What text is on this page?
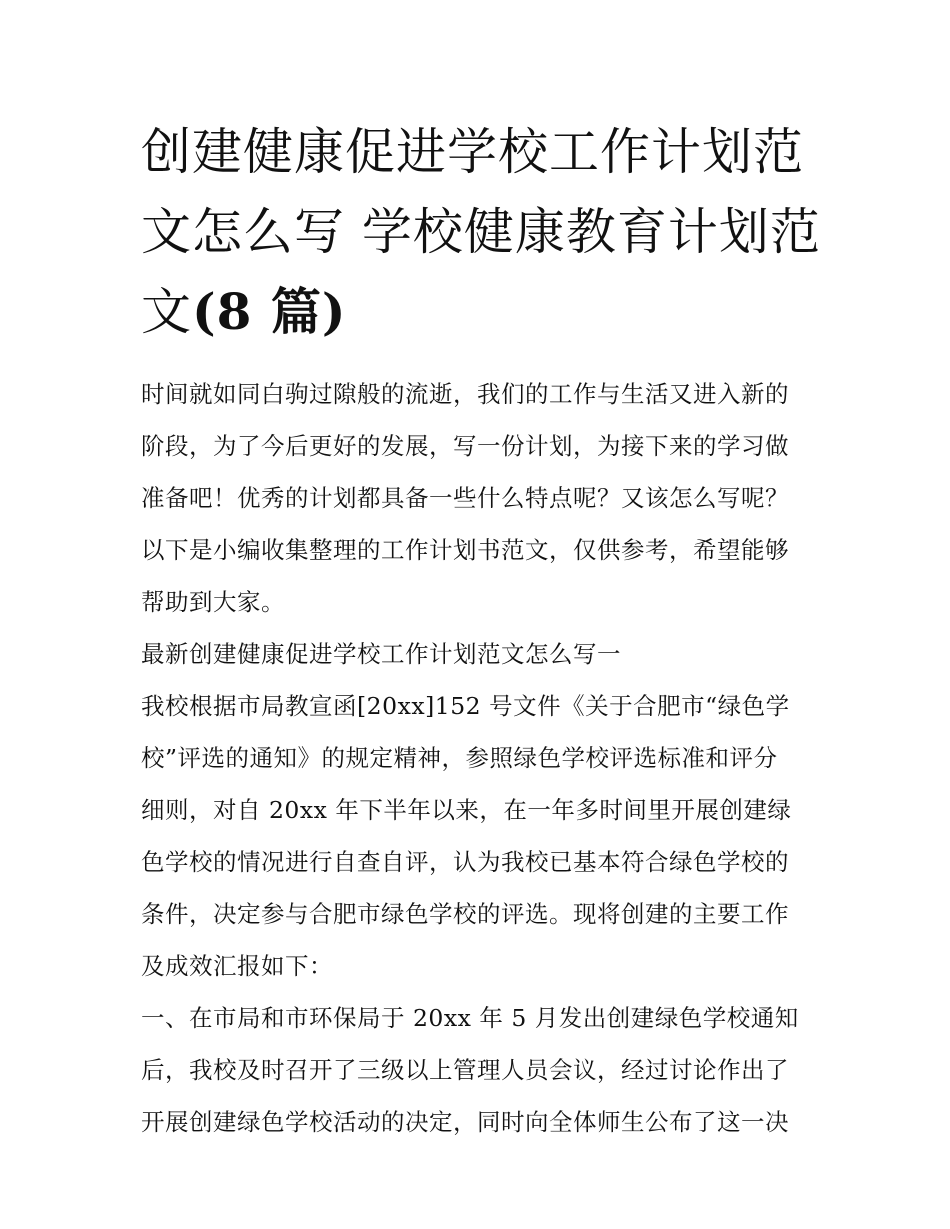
创建健康促进学校工作计划范
文怎么写 学校健康教育计划范
文(8 篇)

时间就如同白驹过隙般的流逝，我们的工作与生活又进入新的
阶段，为了今后更好的发展，写一份计划，为接下来的学习做
准备吧！优秀的计划都具备一些什么特点呢？又该怎么写呢？
以下是小编收集整理的工作计划书范文，仅供参考，希望能够
帮助到大家。

最新创建健康促进学校工作计划范文怎么写一

我校根据市局教宣函[20xx]152 号文件《关于合肥市“绿色学
校”评选的通知》的规定精神，参照绿色学校评选标准和评分
细则，对自 20xx 年下半年以来，在一年多时间里开展创建绿
色学校的情况进行自查自评，认为我校已基本符合绿色学校的
条件，决定参与合肥市绿色学校的评选。现将创建的主要工作
及成效汇报如下：

一、在市局和市环保局于 20xx 年 5 月发出创建绿色学校通知
后，我校及时召开了三级以上管理人员会议，经过讨论作出了
开展创建绿色学校活动的决定，同时向全体师生公布了这一决
